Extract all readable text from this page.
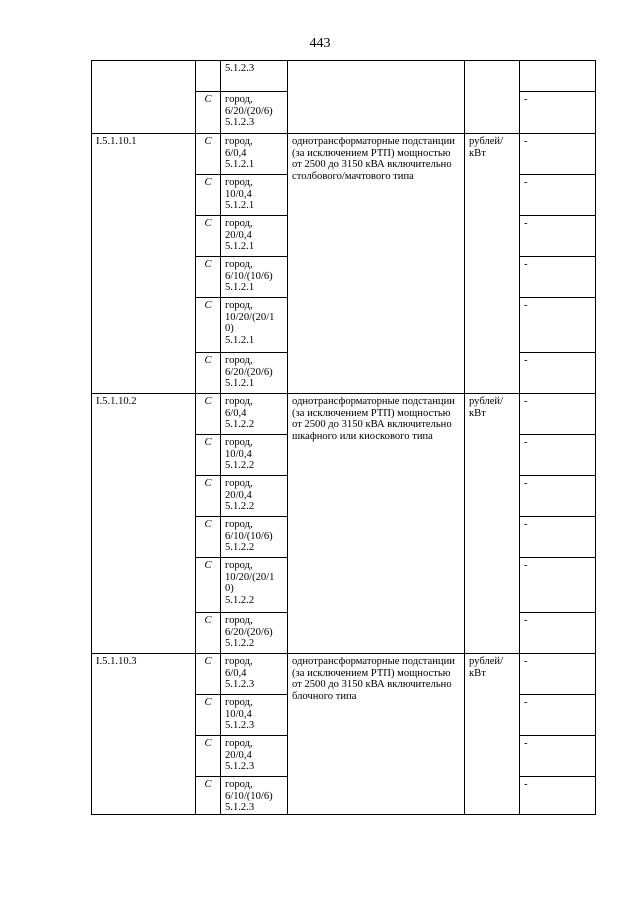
443

		5.1.2.3			

	С	город,
6/20/(20/6)
5.1.2.3			-
I.5.1.10.1	С	город,
6/0,4
5.1.2.1	однотрансформаторные подстанции (за исключением РТП) мощностью от 2500 до 3150 кВА включительно столбового/мачтового типа	рублей/ кВт	-
	С	город,
10/0,4
5.1.2.1			-
	С	город,
20/0,4
5.1.2.1			-
	С	город,
6/10/(10/6)
5.1.2.1			-
	С	город,
10/20/(20/1
0)
5.1.2.1			-
	С	город,
6/20/(20/6)
5.1.2.1			-
I.5.1.10.2	С	город,
6/0,4
5.1.2.2	однотрансформаторные подстанции (за исключением РТП) мощностью от 2500 до 3150 кВА включительно шкафного или киоскового типа	рублей/ кВт	-
	С	город,
10/0,4
5.1.2.2			-
	С	город,
20/0,4
5.1.2.2			-
	С	город,
6/10/(10/6)
5.1.2.2			-
	С	город,
10/20/(20/1
0)
5.1.2.2			-
	С	город,
6/20/(20/6)
5.1.2.2			-
I.5.1.10.3	С	город,
6/0,4
5.1.2.3	однотрансформаторные подстанции (за исключением РТП) мощностью от 2500 до 3150 кВА включительно блочного типа	рублей/ кВт	-
	С	город,
10/0,4
5.1.2.3			-
	С	город,
20/0,4
5.1.2.3			-
	С	город,
6/10/(10/6)
5.1.2.3			-
